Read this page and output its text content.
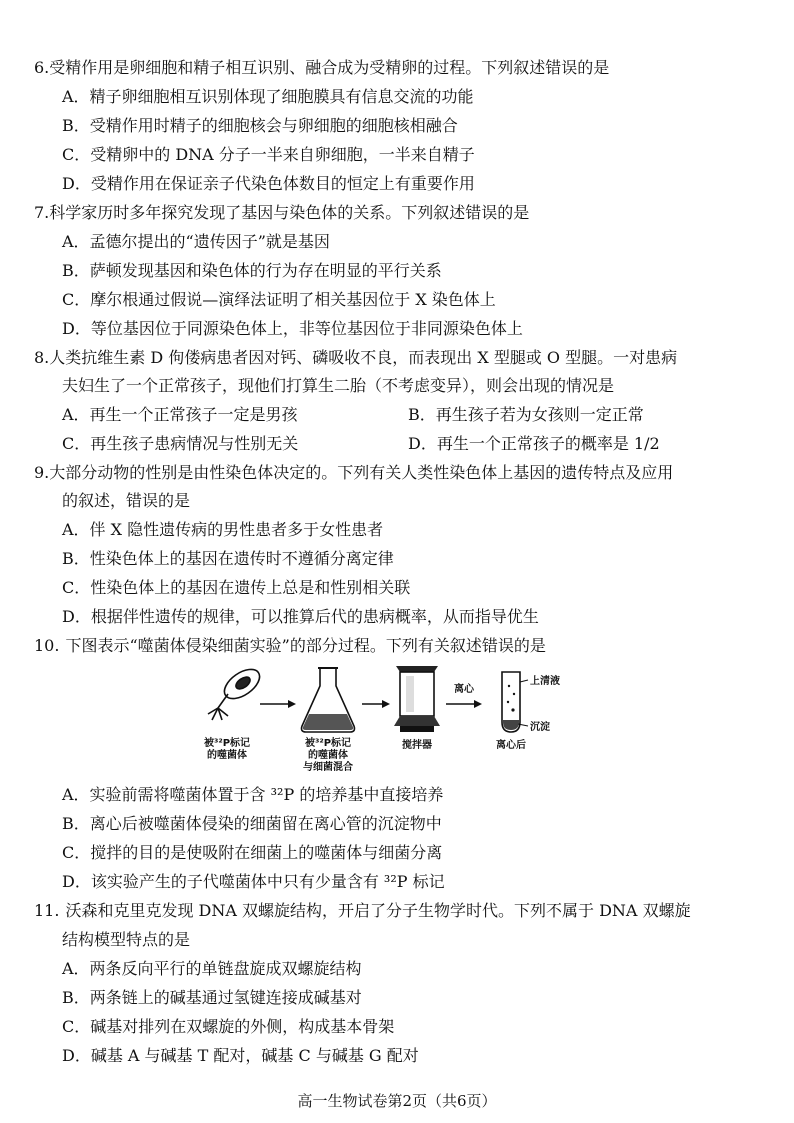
6.受精作用是卵细胞和精子相互识别、融合成为受精卵的过程。下列叙述错误的是
A．精子卵细胞相互识别体现了细胞膜具有信息交流的功能
B．受精作用时精子的细胞核会与卵细胞的细胞核相融合
C．受精卵中的 DNA 分子一半来自卵细胞，一半来自精子
D．受精作用在保证亲子代染色体数目的恒定上有重要作用
7.科学家历时多年探究发现了基因与染色体的关系。下列叙述错误的是
A．孟德尔提出的“遗传因子”就是基因
B．萨顿发现基因和染色体的行为存在明显的平行关系
C．摩尔根通过假说—演绎法证明了相关基因位于 X 染色体上
D．等位基因位于同源染色体上，非等位基因位于非同源染色体上
8.人类抗维生素 D 佝偻病患者因对钙、磷吸收不良，而表现出 X 型腿或 O 型腿。一对患病
夫妇生了一个正常孩子，现他们打算生二胎（不考虑变异），则会出现的情况是
A．再生一个正常孩子一定是男孩	B．再生孩子若为女孩则一定正常
C．再生孩子患病情况与性别无关	D．再生一个正常孩子的概率是 1/2
9.大部分动物的性别是由性染色体决定的。下列有关人类性染色体上基因的遗传特点及应用
的叙述，错误的是
A．伴 X 隐性遗传病的男性患者多于女性患者
B．性染色体上的基因在遗传时不遵循分离定律
C．性染色体上的基因在遗传上总是和性别相关联
D．根据伴性遗传的规律，可以推算后代的患病概率，从而指导优生
10. 下图表示“噬菌体侵染细菌实验”的部分过程。下列有关叙述错误的是
离心
上清液
沉淀
被³²P标记
的噬菌体
被³²P标记
的噬菌体
与细菌混合
搅拌器	离心后
A．实验前需将噬菌体置于含 ³²P 的培养基中直接培养
B．离心后被噬菌体侵染的细菌留在离心管的沉淀物中
C．搅拌的目的是使吸附在细菌上的噬菌体与细菌分离
D．该实验产生的子代噬菌体中只有少量含有 ³²P 标记
11. 沃森和克里克发现 DNA 双螺旋结构，开启了分子生物学时代。下列不属于 DNA 双螺旋
结构模型特点的是
A．两条反向平行的单链盘旋成双螺旋结构
B．两条链上的碱基通过氢键连接成碱基对
C．碱基对排列在双螺旋的外侧，构成基本骨架
D．碱基 A 与碱基 T 配对，碱基 C 与碱基 G 配对
高一生物试卷第2页（共6页）
